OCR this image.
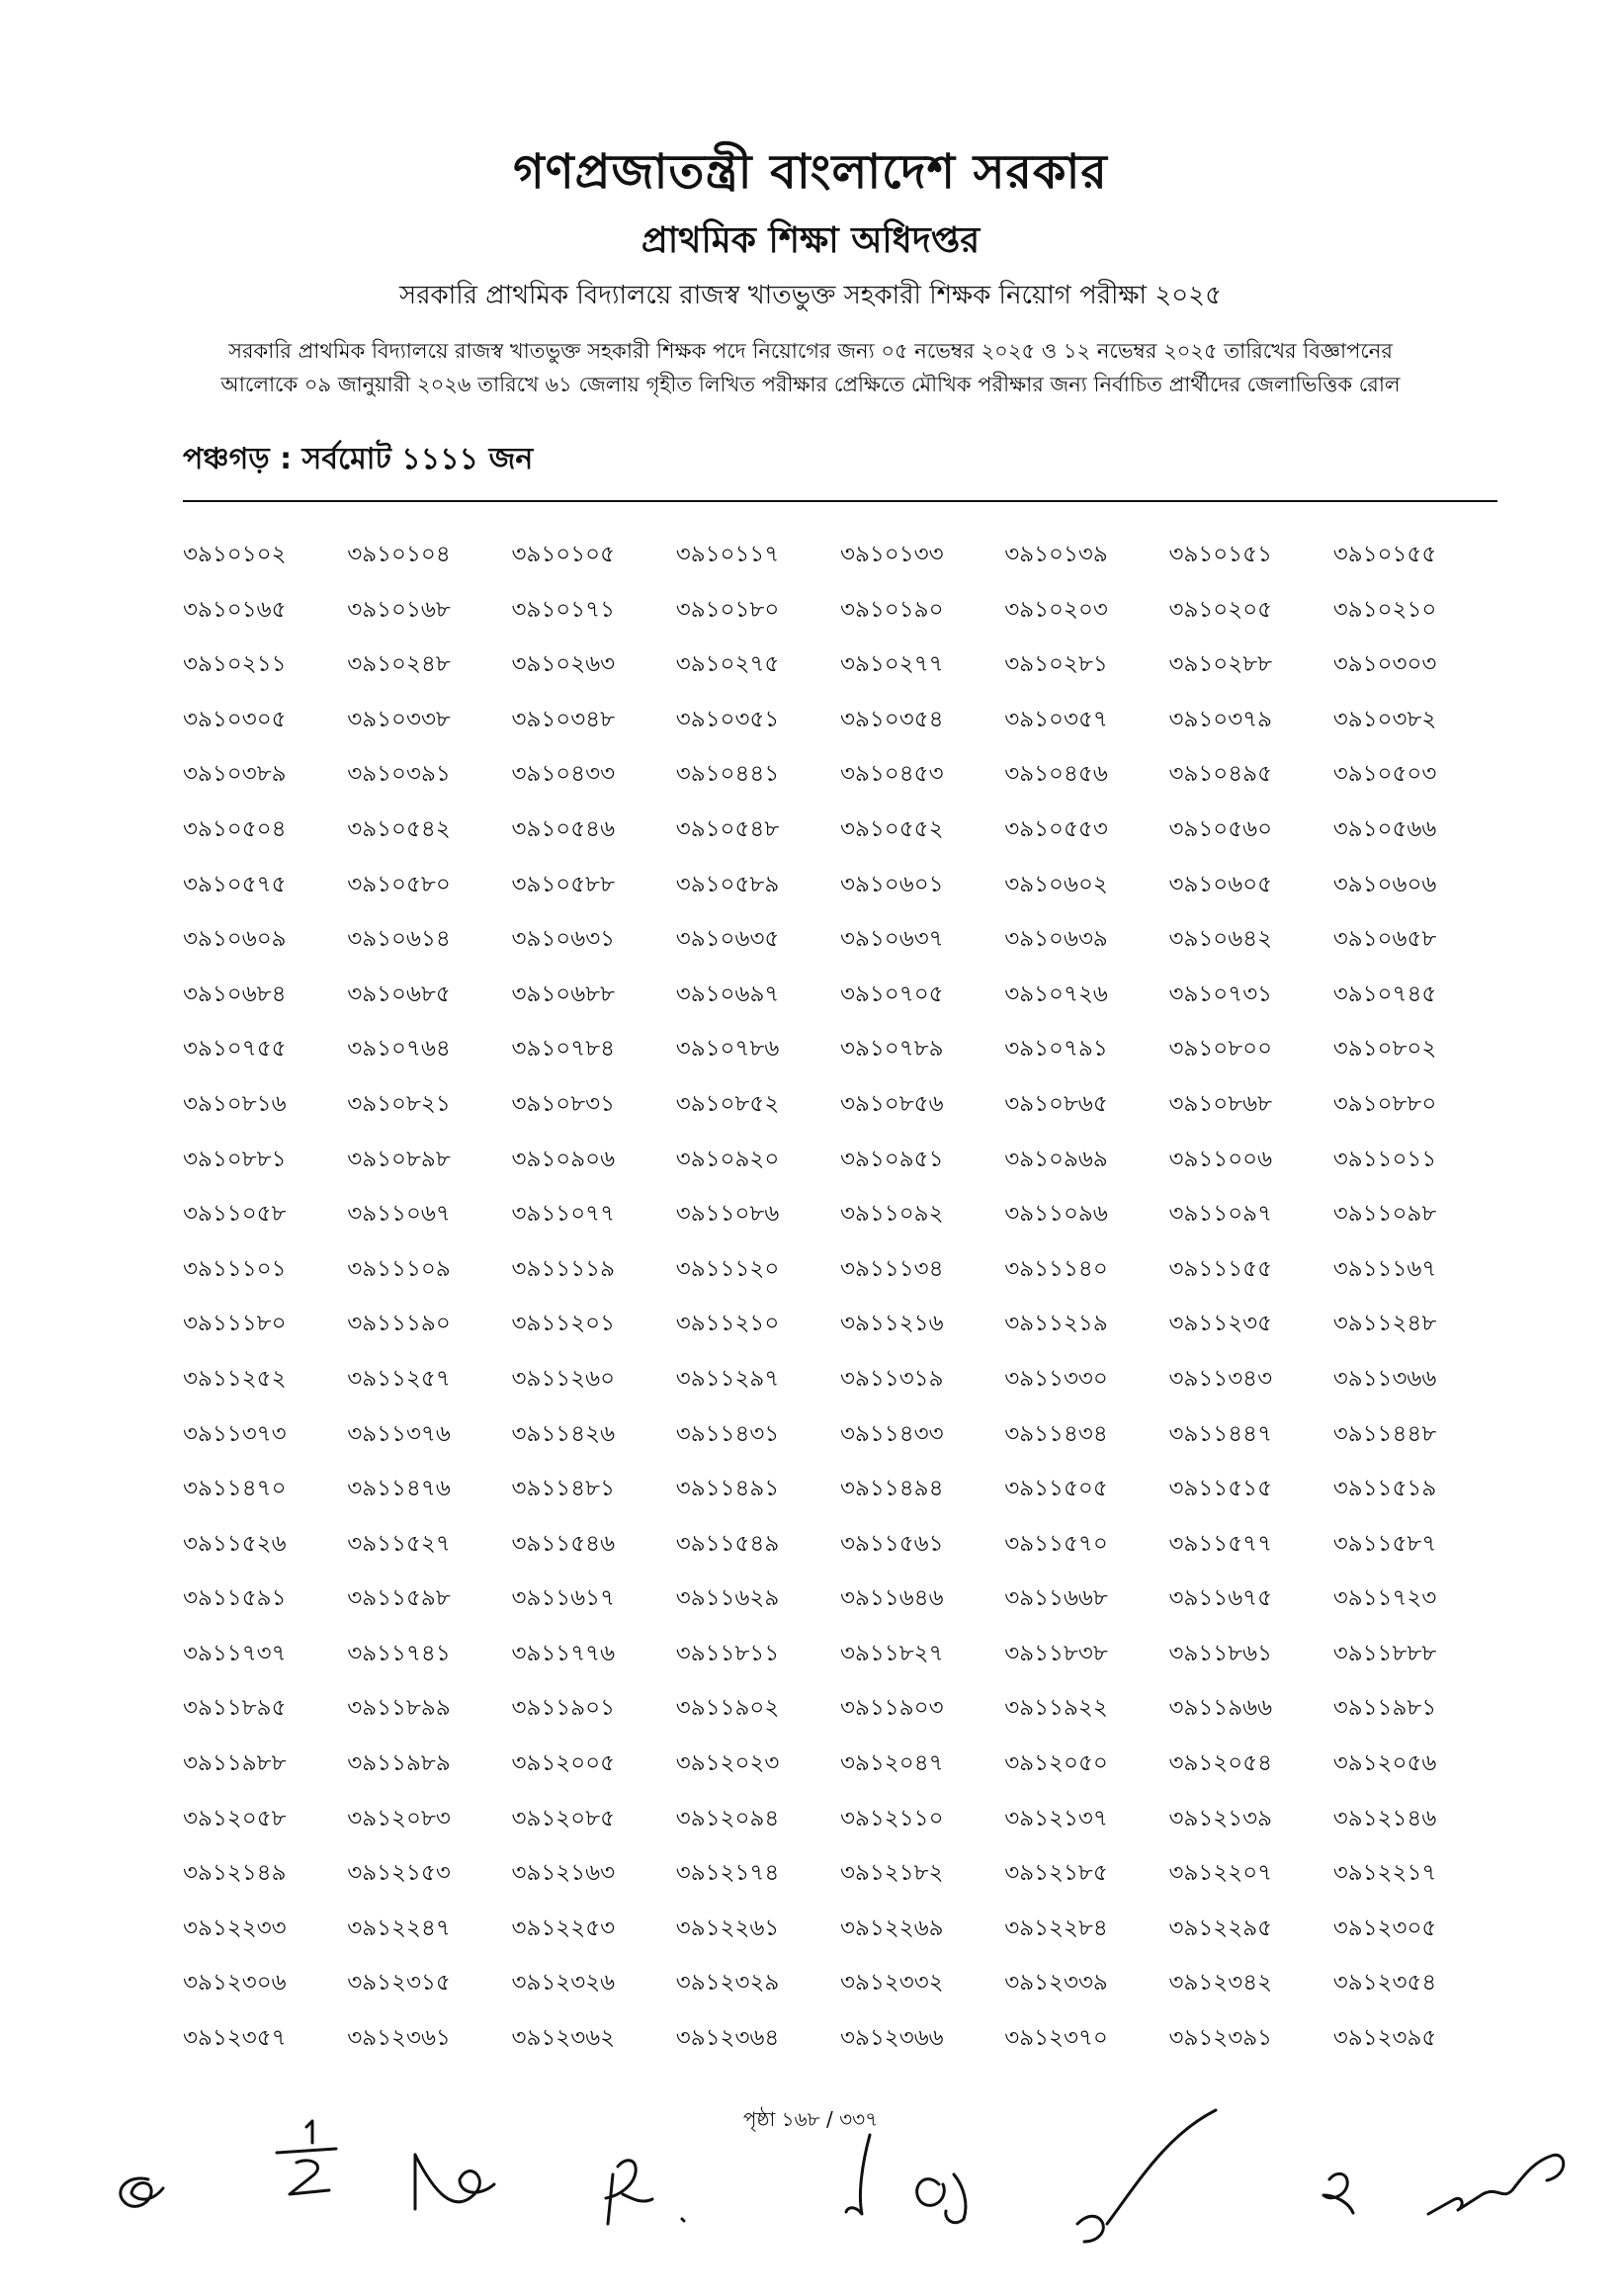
গণপ্রজাতন্ত্রী বাংলাদেশ সরকার
প্রাথমিক শিক্ষা অধিদপ্তর
সরকারি প্রাথমিক বিদ্যালয়ে রাজস্ব খাতভুক্ত সহকারী শিক্ষক নিয়োগ পরীক্ষা ২০২৫
সরকারি প্রাথমিক বিদ্যালয়ে রাজস্ব খাতভুক্ত সহকারী শিক্ষক পদে নিয়োগের জন্য ০৫ নভেম্বর ২০২৫ ও ১২ নভেম্বর ২০২৫ তারিখের বিজ্ঞাপনের
আলোকে ০৯ জানুয়ারী ২০২৬ তারিখে ৬১ জেলায় গৃহীত লিখিত পরীক্ষার প্রেক্ষিতে মৌখিক পরীক্ষার জন্য নির্বাচিত প্রার্থীদের জেলাভিত্তিক রোল
পঞ্চগড় : সর্বমোট ১১১১ জন
৩৯১০১০২	৩৯১০১০৪	৩৯১০১০৫	৩৯১০১১৭	৩৯১০১৩৩	৩৯১০১৩৯	৩৯১০১৫১	৩৯১০১৫৫
৩৯১০১৬৫	৩৯১০১৬৮	৩৯১০১৭১	৩৯১০১৮০	৩৯১০১৯০	৩৯১০২০৩	৩৯১০২০৫	৩৯১০২১০
৩৯১০২১১	৩৯১০২৪৮	৩৯১০২৬৩	৩৯১০২৭৫	৩৯১০২৭৭	৩৯১০২৮১	৩৯১০২৮৮	৩৯১০৩০৩
৩৯১০৩০৫	৩৯১০৩৩৮	৩৯১০৩৪৮	৩৯১০৩৫১	৩৯১০৩৫৪	৩৯১০৩৫৭	৩৯১০৩৭৯	৩৯১০৩৮২
৩৯১০৩৮৯	৩৯১০৩৯১	৩৯১০৪৩৩	৩৯১০৪৪১	৩৯১০৪৫৩	৩৯১০৪৫৬	৩৯১০৪৯৫	৩৯১০৫০৩
৩৯১০৫০৪	৩৯১০৫৪২	৩৯১০৫৪৬	৩৯১০৫৪৮	৩৯১০৫৫২	৩৯১০৫৫৩	৩৯১০৫৬০	৩৯১০৫৬৬
৩৯১০৫৭৫	৩৯১০৫৮০	৩৯১০৫৮৮	৩৯১০৫৮৯	৩৯১০৬০১	৩৯১০৬০২	৩৯১০৬০৫	৩৯১০৬০৬
৩৯১০৬০৯	৩৯১০৬১৪	৩৯১০৬৩১	৩৯১০৬৩৫	৩৯১০৬৩৭	৩৯১০৬৩৯	৩৯১০৬৪২	৩৯১০৬৫৮
৩৯১০৬৮৪	৩৯১০৬৮৫	৩৯১০৬৮৮	৩৯১০৬৯৭	৩৯১০৭০৫	৩৯১০৭২৬	৩৯১০৭৩১	৩৯১০৭৪৫
৩৯১০৭৫৫	৩৯১০৭৬৪	৩৯১০৭৮৪	৩৯১০৭৮৬	৩৯১০৭৮৯	৩৯১০৭৯১	৩৯১০৮০০	৩৯১০৮০২
৩৯১০৮১৬	৩৯১০৮২১	৩৯১০৮৩১	৩৯১০৮৫২	৩৯১০৮৫৬	৩৯১০৮৬৫	৩৯১০৮৬৮	৩৯১০৮৮০
৩৯১০৮৮১	৩৯১০৮৯৮	৩৯১০৯০৬	৩৯১০৯২০	৩৯১০৯৫১	৩৯১০৯৬৯	৩৯১১০০৬	৩৯১১০১১
৩৯১১০৫৮	৩৯১১০৬৭	৩৯১১০৭৭	৩৯১১০৮৬	৩৯১১০৯২	৩৯১১০৯৬	৩৯১১০৯৭	৩৯১১০৯৮
৩৯১১১০১	৩৯১১১০৯	৩৯১১১১৯	৩৯১১১২০	৩৯১১১৩৪	৩৯১১১৪০	৩৯১১১৫৫	৩৯১১১৬৭
৩৯১১১৮০	৩৯১১১৯০	৩৯১১২০১	৩৯১১২১০	৩৯১১২১৬	৩৯১১২১৯	৩৯১১২৩৫	৩৯১১২৪৮
৩৯১১২৫২	৩৯১১২৫৭	৩৯১১২৬০	৩৯১১২৯৭	৩৯১১৩১৯	৩৯১১৩৩০	৩৯১১৩৪৩	৩৯১১৩৬৬
৩৯১১৩৭৩	৩৯১১৩৭৬	৩৯১১৪২৬	৩৯১১৪৩১	৩৯১১৪৩৩	৩৯১১৪৩৪	৩৯১১৪৪৭	৩৯১১৪৪৮
৩৯১১৪৭০	৩৯১১৪৭৬	৩৯১১৪৮১	৩৯১১৪৯১	৩৯১১৪৯৪	৩৯১১৫০৫	৩৯১১৫১৫	৩৯১১৫১৯
৩৯১১৫২৬	৩৯১১৫২৭	৩৯১১৫৪৬	৩৯১১৫৪৯	৩৯১১৫৬১	৩৯১১৫৭০	৩৯১১৫৭৭	৩৯১১৫৮৭
৩৯১১৫৯১	৩৯১১৫৯৮	৩৯১১৬১৭	৩৯১১৬২৯	৩৯১১৬৪৬	৩৯১১৬৬৮	৩৯১১৬৭৫	৩৯১১৭২৩
৩৯১১৭৩৭	৩৯১১৭৪১	৩৯১১৭৭৬	৩৯১১৮১১	৩৯১১৮২৭	৩৯১১৮৩৮	৩৯১১৮৬১	৩৯১১৮৮৮
৩৯১১৮৯৫	৩৯১১৮৯৯	৩৯১১৯০১	৩৯১১৯০২	৩৯১১৯০৩	৩৯১১৯২২	৩৯১১৯৬৬	৩৯১১৯৮১
৩৯১১৯৮৮	৩৯১১৯৮৯	৩৯১২০০৫	৩৯১২০২৩	৩৯১২০৪৭	৩৯১২০৫০	৩৯১২০৫৪	৩৯১২০৫৬
৩৯১২০৫৮	৩৯১২০৮৩	৩৯১২০৮৫	৩৯১২০৯৪	৩৯১২১১০	৩৯১২১৩৭	৩৯১২১৩৯	৩৯১২১৪৬
৩৯১২১৪৯	৩৯১২১৫৩	৩৯১২১৬৩	৩৯১২১৭৪	৩৯১২১৮২	৩৯১২১৮৫	৩৯১২২০৭	৩৯১২২১৭
৩৯১২২৩৩	৩৯১২২৪৭	৩৯১২২৫৩	৩৯১২২৬১	৩৯১২২৬৯	৩৯১২২৮৪	৩৯১২২৯৫	৩৯১২৩০৫
৩৯১২৩০৬	৩৯১২৩১৫	৩৯১২৩২৬	৩৯১২৩২৯	৩৯১২৩৩২	৩৯১২৩৩৯	৩৯১২৩৪২	৩৯১২৩৫৪
৩৯১২৩৫৭	৩৯১২৩৬১	৩৯১২৩৬২	৩৯১২৩৬৪	৩৯১২৩৬৬	৩৯১২৩৭০	৩৯১২৩৯১	৩৯১২৩৯৫
পৃষ্ঠা ১৬৮ / ৩৩৭
